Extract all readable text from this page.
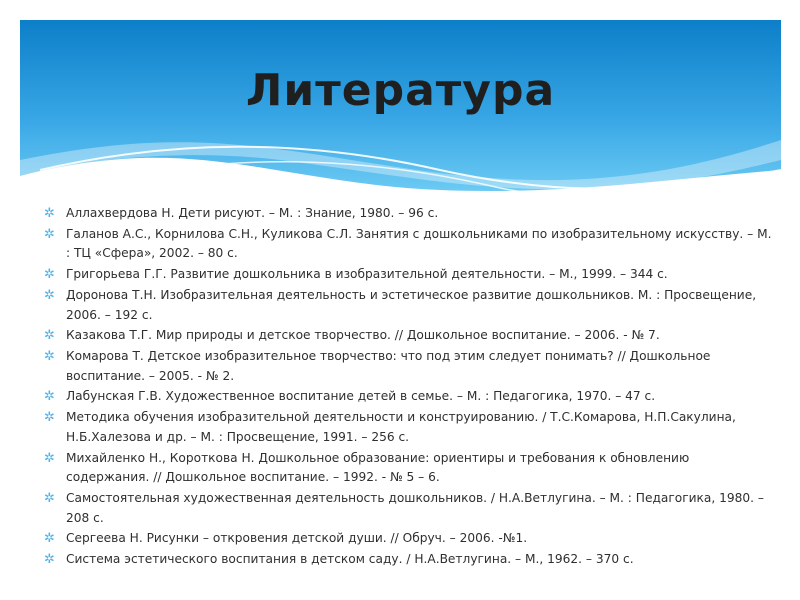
Литература
✲ Аллахвердова Н. Дети рисуют. – М. : Знание, 1980. – 96 с.
✲ Галанов А.С., Корнилова С.Н., Куликова С.Л. Занятия с дошкольниками по изобразительному искусству. – М. : ТЦ «Сфера», 2002. – 80 с.
✲ Григорьева Г.Г. Развитие дошкольника в изобразительной деятельности. – М., 1999. – 344 с.
✲ Доронова Т.Н. Изобразительная деятельность и эстетическое развитие дошкольников. М. : Просвещение, 2006. – 192 с.
✲ Казакова Т.Г. Мир природы и детское творчество. // Дошкольное воспитание. – 2006. - № 7.
✲ Комарова Т. Детское изобразительное творчество: что под этим следует понимать? // Дошкольное воспитание. – 2005. - № 2.
✲ Лабунская Г.В. Художественное воспитание детей в семье. – М. : Педагогика, 1970. – 47 с.
✲ Методика обучения изобразительной деятельности и конструированию. / Т.С.Комарова, Н.П.Сакулина, Н.Б.Халезова и др. – М. : Просвещение, 1991. – 256 с.
✲ Михайленко Н., Короткова Н. Дошкольное образование: ориентиры и требования к обновлению содержания. // Дошкольное воспитание. – 1992. - № 5 – 6.
✲ Самостоятельная художественная деятельность дошкольников. / Н.А.Ветлугина. – М. : Педагогика, 1980. – 208 с.
✲ Сергеева Н. Рисунки – откровения детской души. // Обруч. – 2006. -№1.
✲ Система эстетического воспитания в детском саду. / Н.А.Ветлугина. – М., 1962. – 370 с.
